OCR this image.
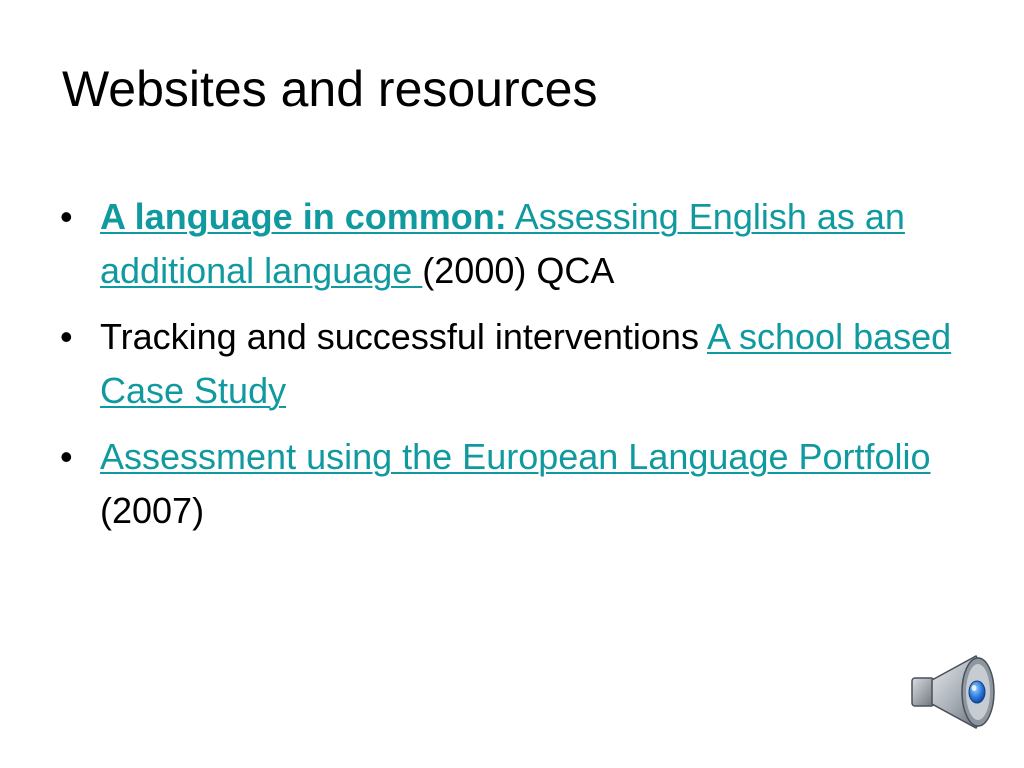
Websites and resources
• A language in common: Assessing English as an additional language (2000) QCA
• Tracking and successful interventions A school based Case Study
• Assessment using the European Language Portfolio (2007)
